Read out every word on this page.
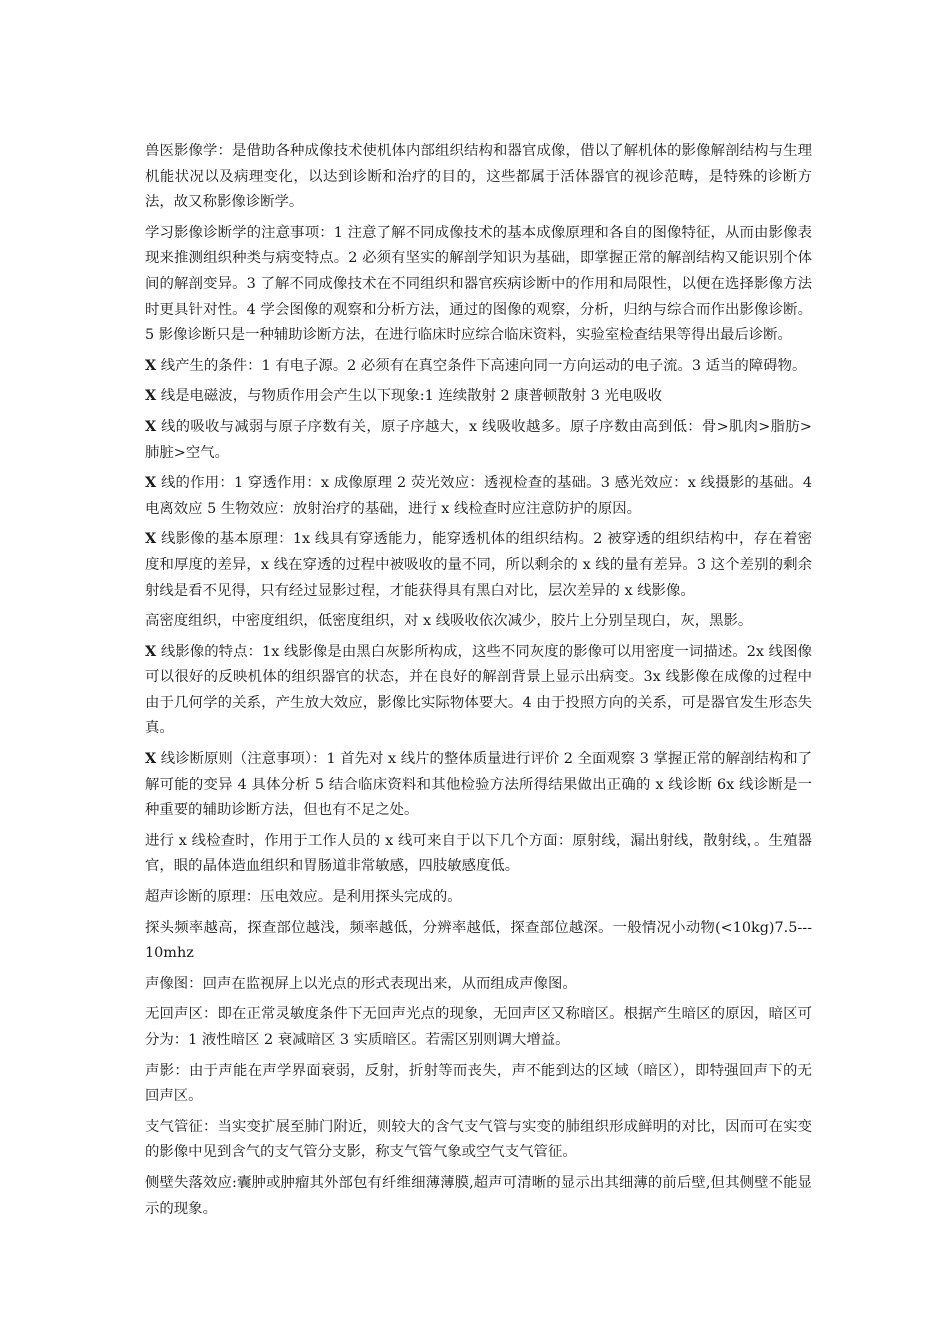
兽医影像学：是借助各种成像技术使机体内部组织结构和器官成像，借以了解机体的影像解剖结构与生理机能状况以及病理变化，以达到诊断和治疗的目的，这些都属于活体器官的视诊范畴，是特殊的诊断方法，故又称影像诊断学。

学习影像诊断学的注意事项：1 注意了解不同成像技术的基本成像原理和各自的图像特征，从而由影像表现来推测组织种类与病变特点。2 必须有坚实的解剖学知识为基础，即掌握正常的解剖结构又能识别个体间的解剖变异。3 了解不同成像技术在不同组织和器官疾病诊断中的作用和局限性，以便在选择影像方法时更具针对性。4 学会图像的观察和分析方法，通过的图像的观察，分析，归纳与综合而作出影像诊断。5 影像诊断只是一种辅助诊断方法，在进行临床时应综合临床资料，实验室检查结果等得出最后诊断。

X 线产生的条件：1 有电子源。2 必须有在真空条件下高速向同一方向运动的电子流。3 适当的障碍物。

X 线是电磁波，与物质作用会产生以下现象:1 连续散射 2 康普顿散射 3 光电吸收

X 线的吸收与减弱与原子序数有关，原子序越大，x 线吸收越多。原子序数由高到低：骨>肌肉>脂肪>肺脏>空气。

X 线的作用：1 穿透作用：x 成像原理 2 荧光效应：透视检查的基础。3 感光效应：x 线摄影的基础。4 电离效应 5 生物效应：放射治疗的基础，进行 x 线检查时应注意防护的原因。

X 线影像的基本原理：1x 线具有穿透能力，能穿透机体的组织结构。2 被穿透的组织结构中，存在着密度和厚度的差异，x 线在穿透的过程中被吸收的量不同，所以剩余的 x 线的量有差异。3 这个差别的剩余射线是看不见得，只有经过显影过程，才能获得具有黑白对比，层次差异的 x 线影像。

高密度组织，中密度组织，低密度组织，对 x 线吸收依次减少，胶片上分别呈现白，灰，黑影。

X 线影像的特点：1x 线影像是由黑白灰影所构成，这些不同灰度的影像可以用密度一词描述。2x 线图像可以很好的反映机体的组织器官的状态，并在良好的解剖背景上显示出病变。3x 线影像在成像的过程中由于几何学的关系，产生放大效应，影像比实际物体要大。4 由于投照方向的关系，可是器官发生形态失真。

X 线诊断原则（注意事项）：1 首先对 x 线片的整体质量进行评价 2 全面观察 3 掌握正常的解剖结构和了解可能的变异 4 具体分析 5 结合临床资料和其他检验方法所得结果做出正确的 x 线诊断 6x 线诊断是一种重要的辅助诊断方法，但也有不足之处。

进行 x 线检查时，作用于工作人员的 x 线可来自于以下几个方面：原射线，漏出射线，散射线，。生殖器官，眼的晶体造血组织和胃肠道非常敏感，四肢敏感度低。

超声诊断的原理：压电效应。是利用探头完成的。

探头频率越高，探查部位越浅，频率越低，分辨率越低，探查部位越深。一般情况小动物(<10kg)7.5---10mhz

声像图：回声在监视屏上以光点的形式表现出来，从而组成声像图。

无回声区：即在正常灵敏度条件下无回声光点的现象，无回声区又称暗区。根据产生暗区的原因，暗区可分为：1 液性暗区 2 衰减暗区 3 实质暗区。若需区别则调大增益。

声影：由于声能在声学界面衰弱，反射，折射等而丧失，声不能到达的区域（暗区），即特强回声下的无回声区。

支气管征：当实变扩展至肺门附近，则较大的含气支气管与实变的肺组织形成鲜明的对比，因而可在实变的影像中见到含气的支气管分支影，称支气管气象或空气支气管征。

侧壁失落效应:囊肿或肿瘤其外部包有纤维细薄薄膜,超声可清晰的显示出其细薄的前后壁,但其侧壁不能显示的现象。
